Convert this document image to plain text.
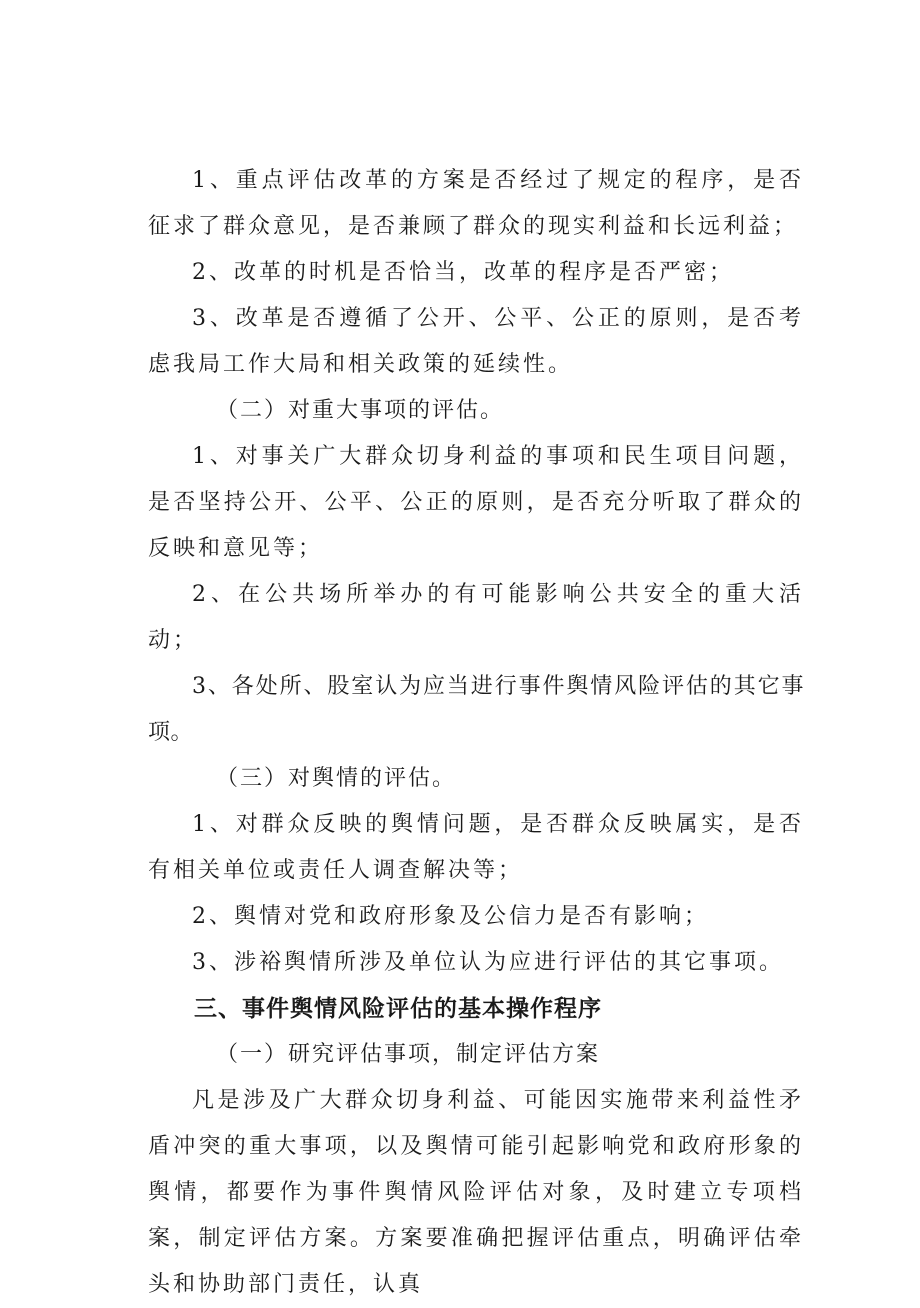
1、重点评估改革的方案是否经过了规定的程序，是否征求了群众意见，是否兼顾了群众的现实利益和长远利益；

2、改革的时机是否恰当，改革的程序是否严密；

3、改革是否遵循了公开、公平、公正的原则，是否考虑我局工作大局和相关政策的延续性。

（二）对重大事项的评估。

1、对事关广大群众切身利益的事项和民生项目问题，是否坚持公开、公平、公正的原则，是否充分听取了群众的反映和意见等；

2、在公共场所举办的有可能影响公共安全的重大活动；

3、各处所、股室认为应当进行事件舆情风险评估的其它事项。

（三）对舆情的评估。

1、对群众反映的舆情问题，是否群众反映属实，是否有相关单位或责任人调查解决等；

2、舆情对党和政府形象及公信力是否有影响；

3、涉裕舆情所涉及单位认为应进行评估的其它事项。

三、事件舆情风险评估的基本操作程序

（一）研究评估事项，制定评估方案

凡是涉及广大群众切身利益、可能因实施带来利益性矛盾冲突的重大事项，以及舆情可能引起影响党和政府形象的舆情，都要作为事件舆情风险评估对象，及时建立专项档案，制定评估方案。方案要准确把握评估重点，明确评估牵头和协助部门责任，认真
